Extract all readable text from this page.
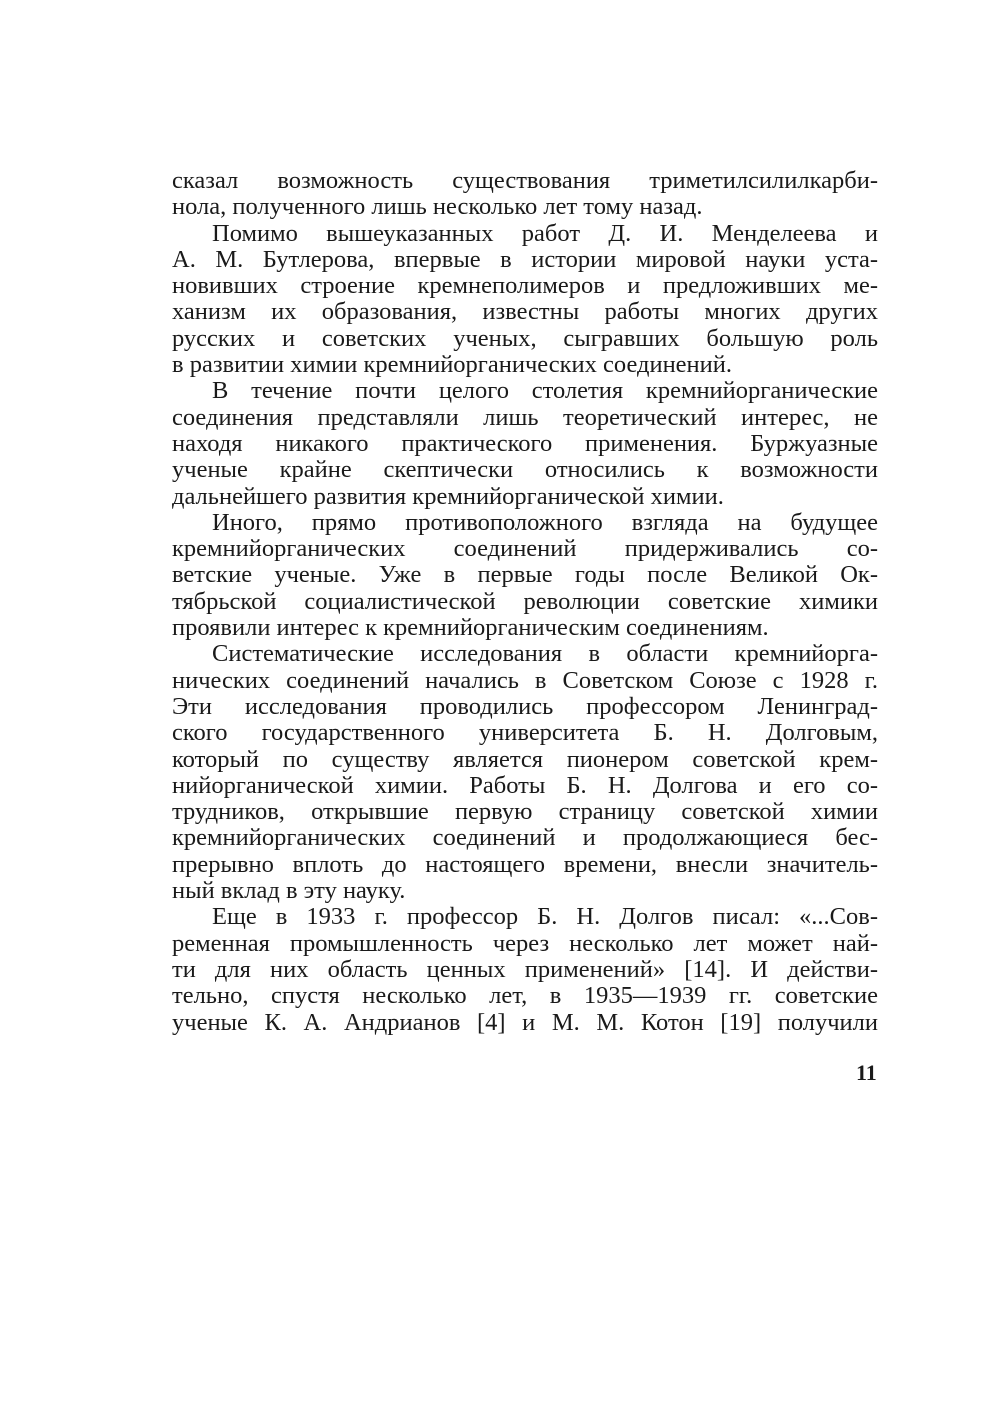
сказал возможность существования триметилсилилкарби-
нола, полученного лишь несколько лет тому назад.
Помимо вышеуказанных работ Д. И. Менделеева и
А. М. Бутлерова, впервые в истории мировой науки уста-
новивших строение кремнеполимеров и предложивших ме-
ханизм их образования, известны работы многих других
русских и советских ученых, сыгравших большую роль
в развитии химии кремнийорганических соединений.
В течение почти целого столетия кремнийорганические
соединения представляли лишь теоретический интерес, не
находя никакого практического применения. Буржуазные
ученые крайне скептически относились к возможности
дальнейшего развития кремнийорганической химии.
Иного, прямо противоположного взгляда на будущее
кремнийорганических соединений придерживались со-
ветские ученые. Уже в первые годы после Великой Ок-
тябрьской социалистической революции советские химики
проявили интерес к кремнийорганическим соединениям.
Систематические исследования в области кремнийорга-
нических соединений начались в Советском Союзе с 1928 г.
Эти исследования проводились профессором Ленинград-
ского государственного университета Б. Н. Долговым,
который по существу является пионером советской крем-
нийорганической химии. Работы Б. Н. Долгова и его со-
трудников, открывшие первую страницу советской химии
кремнийорганических соединений и продолжающиеся бес-
прерывно вплоть до настоящего времени, внесли значитель-
ный вклад в эту науку.
Еще в 1933 г. профессор Б. Н. Долгов писал: «...Сов-
ременная промышленность через несколько лет может най-
ти для них область ценных применений» [14]. И действи-
тельно, спустя несколько лет, в 1935—1939 гг. советские
ученые К. А. Андрианов [4] и М. М. Котон [19] получили
11
